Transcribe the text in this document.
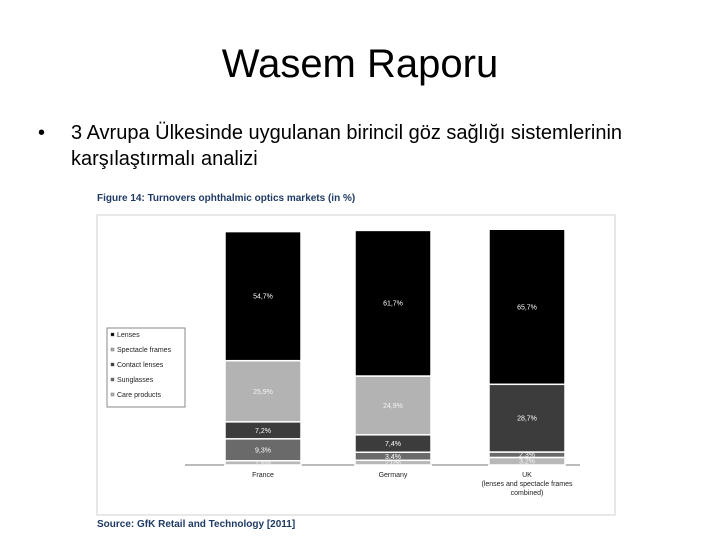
Wasem Raporu
• 3 Avrupa Ülkesinde uygulanan birincil göz sağlığı sistemlerinin karşılaştırmalı analizi
Figure 14: Turnovers ophthalmic optics markets (in %)
1,8%
9,3%
7,2%
25,9%
54,7%
France
2,0%
3,4%
7,4%
24,9%
61,7%
Germany
3,2%
2,3%
28,7%
65,7%
UK
(lenses and spectacle frames
combined)
Lenses
Spectacle frames
Contact lenses
Sunglasses
Care products
Source: GfK Retail and Technology [2011]
